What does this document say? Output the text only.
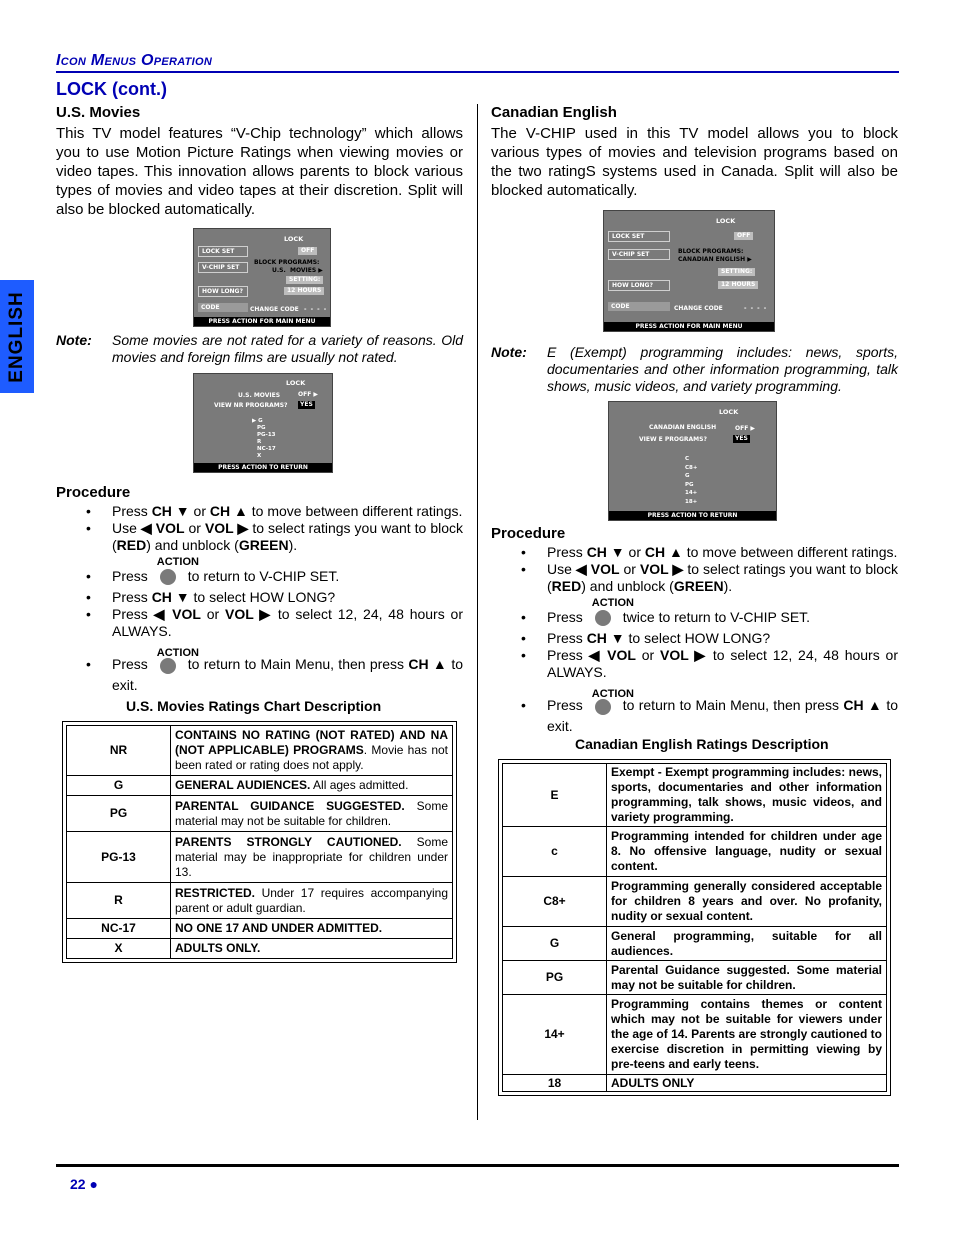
Icon Menus Operation
LOCK (cont.)
ENGLISH
U.S. Movies
This TV model features “V-Chip technology” which allows you to use Motion Picture Ratings when viewing movies or video tapes. This innovation allows parents to block various types of movies and video tapes at their discretion. Split will also be blocked automatically.
LOCK
LOCK SET	OFF
V-CHIP SET
BLOCK PROGRAMS:
U.S. MOVIES ▶
SETTING:
HOW LONG?	12 HOURS
CODE	CHANGE CODE - - - -
PRESS ACTION FOR MAIN MENU
Note: Some movies are not rated for a variety of reasons. Old movies and foreign films are usually not rated.
LOCK
U.S. MOVIES	OFF ▶
VIEW NR PROGRAMS?	YES
▶ G
PG
PG-13
R
NC-17
X
PRESS ACTION TO RETURN
Procedure
• Press CH ▼ or CH ▲ to move between different ratings.
• Use ◀ VOL or VOL ▶ to select ratings you want to block (RED) and unblock (GREEN).
• Press
ACTION
to return to V-CHIP SET.
• Press CH ▼ to select HOW LONG?
• Press ◀ VOL or VOL ▶ to select 12, 24, 48 hours or ALWAYS.
• Press
ACTION
to return to Main Menu, then press CH ▲ to exit.
U.S. Movies Ratings Chart Description
NR	CONTAINS NO RATING (NOT RATED) AND NA (NOT APPLICABLE) PROGRAMS. Movie has not been rated or rating does not apply.
G	GENERAL AUDIENCES. All ages admitted.
PG	PARENTAL GUIDANCE SUGGESTED. Some material may not be suitable for children.
PG-13	PARENTS STRONGLY CAUTIONED. Some material may be inappropriate for children under 13.
R	RESTRICTED. Under 17 requires accompanying parent or adult guardian.
NC-17	NO ONE 17 AND UNDER ADMITTED.
X	ADULTS ONLY.
Canadian English
The V-CHIP used in this TV model allows you to block various types of movies and television programs based on the two ratingS systems used in Canada. Split will also be blocked automatically.
LOCK
LOCK SET	OFF
V-CHIP SET	BLOCK PROGRAMS:
CANADIAN ENGLISH ▶
SETTING:
HOW LONG?	12 HOURS
CODE	CHANGE CODE	- - - -
PRESS ACTION FOR MAIN MENU
Note: E (Exempt) programming includes: news, sports, documentaries and other information programming, talk shows, music videos, and variety programming.
LOCK
CANADIAN ENGLISH	OFF ▶
VIEW E PROGRAMS?	YES
C
C8+
G
PG
14+
18+
PRESS ACTION TO RETURN
Procedure
• Press CH ▼ or CH ▲ to move between different ratings.
• Use ◀ VOL or VOL ▶ to select ratings you want to block (RED) and unblock (GREEN).
• Press
ACTION
twice to return to V-CHIP SET.
• Press CH ▼ to select HOW LONG?
• Press ◀ VOL or VOL ▶ to select 12, 24, 48 hours or ALWAYS.
• Press
ACTION
to return to Main Menu, then press CH ▲ to exit.
Canadian English Ratings Description
E	Exempt - Exempt programming includes: news, sports, documentaries and other information programming, talk shows, music videos, and variety programming.
c	Programming intended for children under age 8. No offensive language, nudity or sexual content.
C8+	Programming generally considered acceptable for children 8 years and over. No profanity, nudity or sexual content.
G	General programming, suitable for all audiences.
PG	Parental Guidance suggested. Some material may not be suitable for children.
14+	Programming contains themes or content which may not be suitable for viewers under the age of 14. Parents are strongly cautioned to exercise discretion in permitting viewing by pre-teens and early teens.
18	ADULTS ONLY
22 ●
